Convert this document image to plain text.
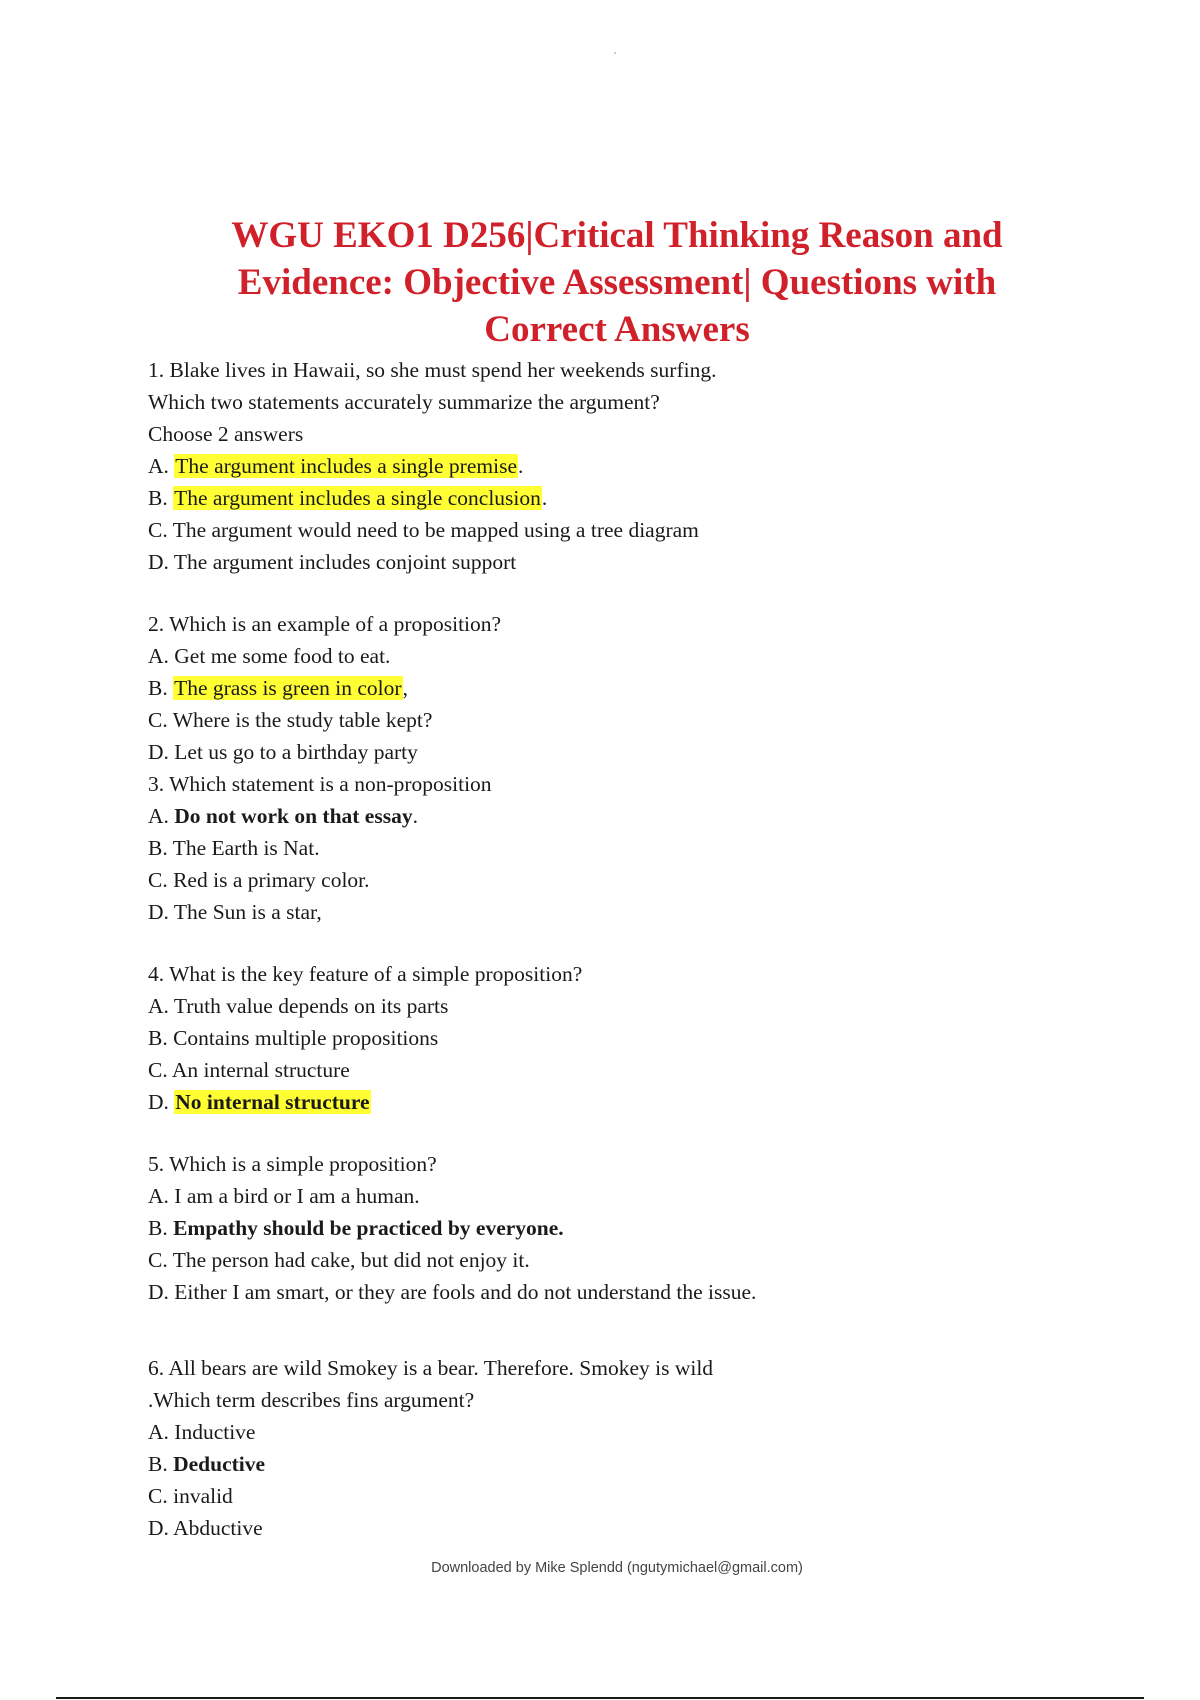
WGU EKO1 D256|Critical Thinking Reason and
Evidence: Objective Assessment| Questions with
Correct Answers
1. Blake lives in Hawaii, so she must spend her weekends surfing.
Which two statements accurately summarize the argument?
Choose 2 answers
A. The argument includes a single premise.
B. The argument includes a single conclusion.
C. The argument would need to be mapped using a tree diagram
D. The argument includes conjoint support
2. Which is an example of a proposition?
A. Get me some food to eat.
B. The grass is green in color,
C. Where is the study table kept?
D. Let us go to a birthday party
3. Which statement is a non-proposition
A. Do not work on that essay.
B. The Earth is Nat.
C. Red is a primary color.
D. The Sun is a star,
4. What is the key feature of a simple proposition?
A. Truth value depends on its parts
B. Contains multiple propositions
C. An internal structure
D. No internal structure
5. Which is a simple proposition?
A. I am a bird or I am a human.
B. Empathy should be practiced by everyone.
C. The person had cake, but did not enjoy it.
D. Either I am smart, or they are fools and do not understand the issue.
6. All bears are wild Smokey is a bear. Therefore. Smokey is wild
.Which term describes fins argument?
A. Inductive
B. Deductive
C. invalid
D. Abductive
Downloaded by Mike Splendd (ngutymichael@gmail.com)
